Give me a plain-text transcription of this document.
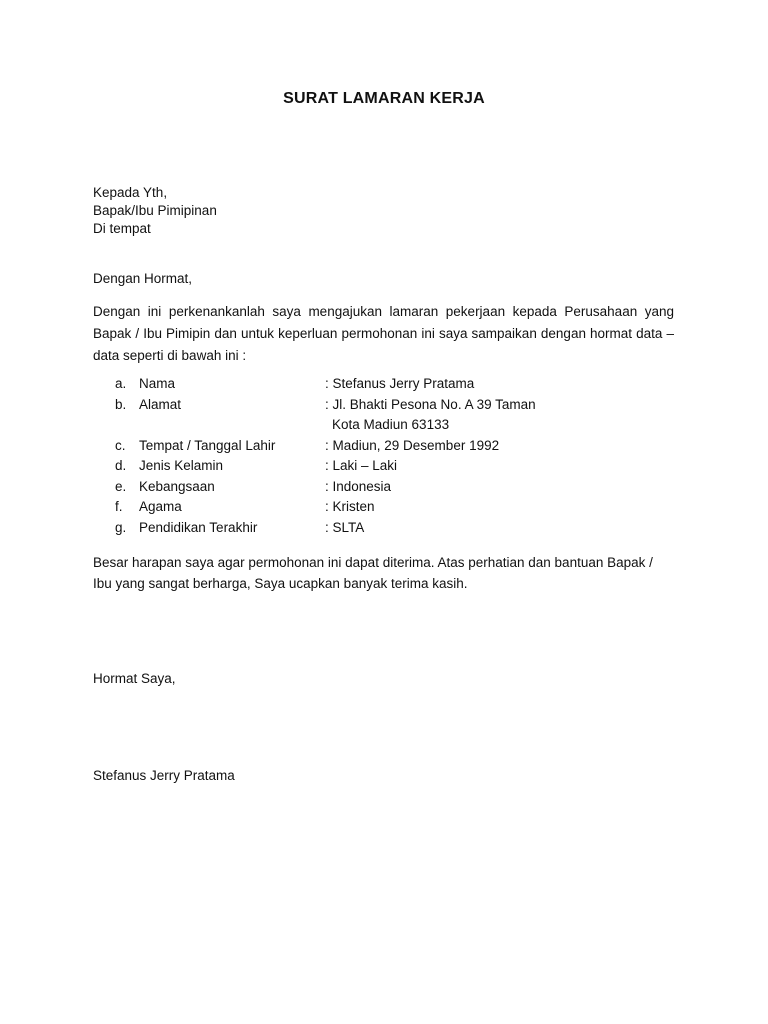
SURAT LAMARAN KERJA
Kepada Yth,
Bapak/Ibu Pimipinan
Di tempat
Dengan Hormat,
Dengan ini perkenankanlah saya mengajukan lamaran pekerjaan kepada Perusahaan yang Bapak / Ibu Pimipin dan untuk keperluan permohonan ini saya sampaikan dengan hormat data – data seperti di bawah ini :
a. Nama	: Stefanus Jerry Pratama
b. Alamat	: Jl. Bhakti Pesona No. A 39 Taman
Kota Madiun 63133
c. Tempat / Tanggal Lahir	: Madiun, 29 Desember 1992
d. Jenis Kelamin	: Laki – Laki
e. Kebangsaan	: Indonesia
f. Agama	: Kristen
g. Pendidikan Terakhir	: SLTA
Besar harapan saya agar permohonan ini dapat diterima. Atas perhatian dan bantuan Bapak / Ibu yang sangat berharga, Saya ucapkan banyak terima kasih.
Hormat Saya,
Stefanus Jerry Pratama
